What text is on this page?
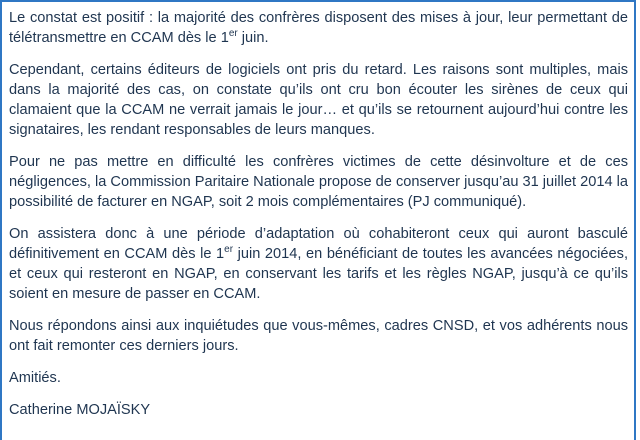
Le constat est positif : la majorité des confrères disposent des mises à jour, leur permettant de télétransmettre en CCAM dès le 1er juin.

Cependant, certains éditeurs de logiciels ont pris du retard. Les raisons sont multiples, mais dans la majorité des cas, on constate qu’ils ont cru bon écouter les sirènes de ceux qui clamaient que la CCAM ne verrait jamais le jour… et qu’ils se retournent aujourd’hui contre les signataires, les rendant responsables de leurs manques.

Pour ne pas mettre en difficulté les confrères victimes de cette désinvolture et de ces négligences, la Commission Paritaire Nationale propose de conserver jusqu’au 31 juillet 2014 la possibilité de facturer en NGAP, soit 2 mois complémentaires (PJ communiqué).

On assistera donc à une période d’adaptation où cohabiteront ceux qui auront basculé définitivement en CCAM dès le 1er juin 2014, en bénéficiant de toutes les avancées négociées, et ceux qui resteront en NGAP, en conservant les tarifs et les règles NGAP, jusqu’à ce qu’ils soient en mesure de passer en CCAM.

Nous répondons ainsi aux inquiétudes que vous-mêmes, cadres CNSD, et vos adhérents nous ont fait remonter ces derniers jours.

Amitiés.

Catherine MOJAÏSKY
